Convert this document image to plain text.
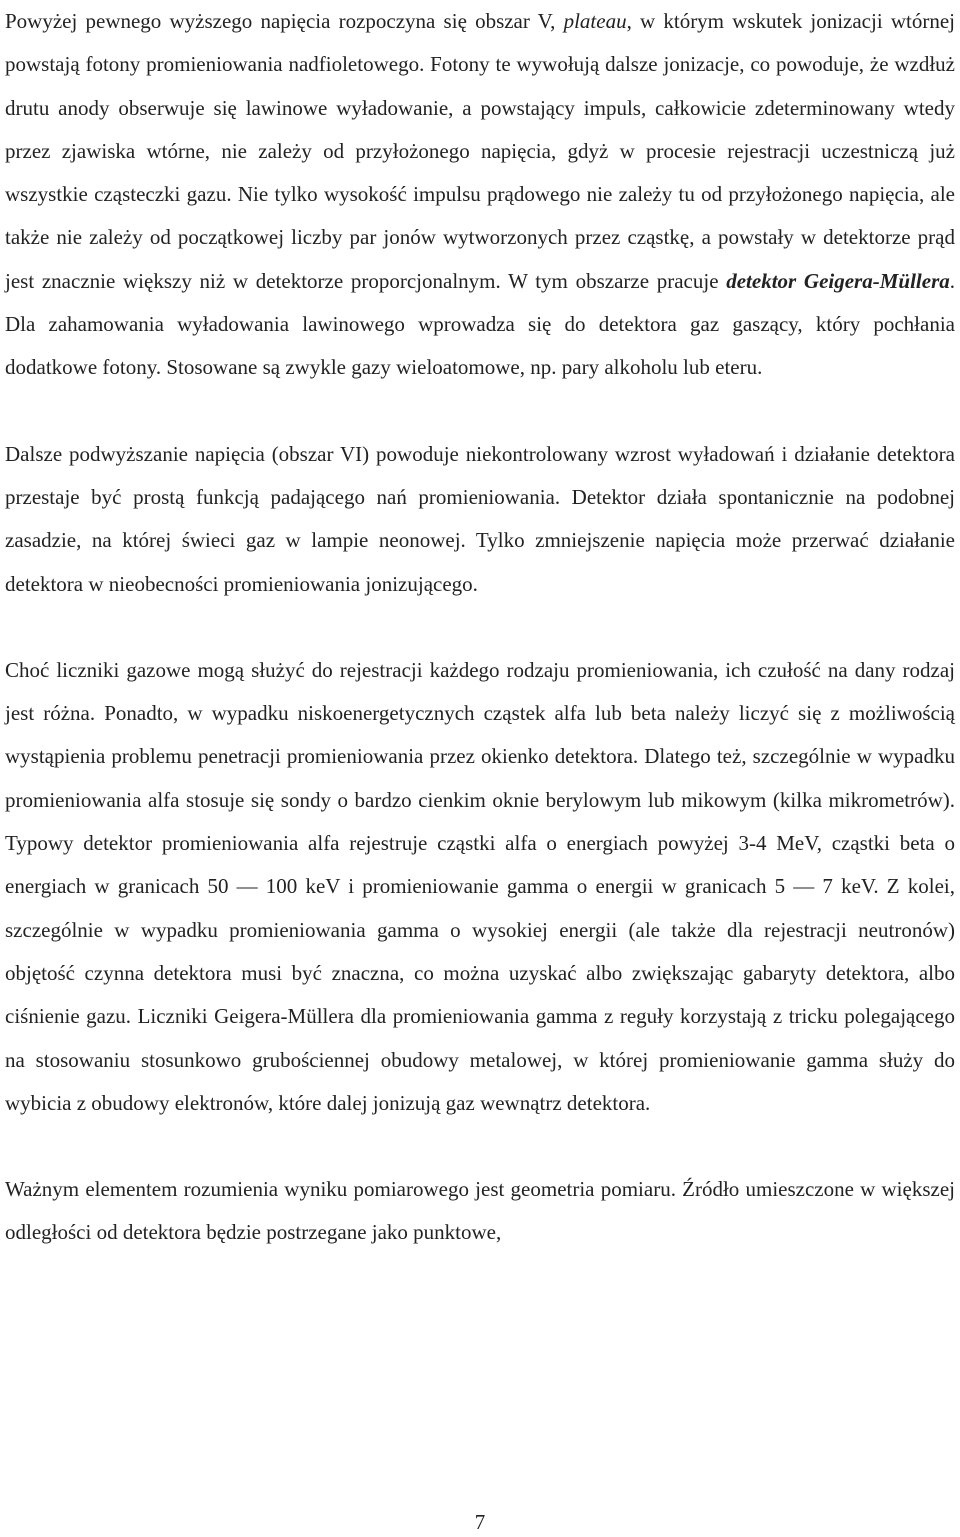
Powyżej pewnego wyższego napięcia rozpoczyna się obszar V, plateau, w którym wskutek jonizacji wtórnej powstają fotony promieniowania nadfioletowego. Fotony te wywołują dalsze jonizacje, co powoduje, że wzdłuż drutu anody obserwuje się lawinowe wyładowanie, a powstający impuls, całkowicie zdeterminowany wtedy przez zjawiska wtórne, nie zależy od przyłożonego napięcia, gdyż w procesie rejestracji uczestniczą już wszystkie cząsteczki gazu. Nie tylko wysokość impulsu prądowego nie zależy tu od przyłożonego napięcia, ale także nie zależy od początkowej liczby par jonów wytworzonych przez cząstkę, a powstały w detektorze prąd jest znacznie większy niż w detektorze proporcjonalnym. W tym obszarze pracuje detektor Geigera-Müllera. Dla zahamowania wyładowania lawinowego wprowadza się do detektora gaz gaszący, który pochłania dodatkowe fotony. Stosowane są zwykle gazy wieloatomowe, np. pary alkoholu lub eteru.

Dalsze podwyższanie napięcia (obszar VI) powoduje niekontrolowany wzrost wyładowań i działanie detektora przestaje być prostą funkcją padającego nań promieniowania. Detektor działa spontanicznie na podobnej zasadzie, na której świeci gaz w lampie neonowej. Tylko zmniejszenie napięcia może przerwać działanie detektora w nieobecności promieniowania jonizującego.

Choć liczniki gazowe mogą służyć do rejestracji każdego rodzaju promieniowania, ich czułość na dany rodzaj jest różna. Ponadto, w wypadku niskoenergetycznych cząstek alfa lub beta należy liczyć się z możliwością wystąpienia problemu penetracji promieniowania przez okienko detektora. Dlatego też, szczególnie w wypadku promieniowania alfa stosuje się sondy o bardzo cienkim oknie berylowym lub mikowym (kilka mikrometrów). Typowy detektor promieniowania alfa rejestruje cząstki alfa o energiach powyżej 3-4 MeV, cząstki beta o energiach w granicach 50 — 100 keV i promieniowanie gamma o energii w granicach 5 — 7 keV. Z kolei, szczególnie w wypadku promieniowania gamma o wysokiej energii (ale także dla rejestracji neutronów) objętość czynna detektora musi być znaczna, co można uzyskać albo zwiększając gabaryty detektora, albo ciśnienie gazu. Liczniki Geigera-Müllera dla promieniowania gamma z reguły korzystają z tricku polegającego na stosowaniu stosunkowo grubościennej obudowy metalowej, w której promieniowanie gamma służy do wybicia z obudowy elektronów, które dalej jonizują gaz wewnątrz detektora.

Ważnym elementem rozumienia wyniku pomiarowego jest geometria pomiaru. Źródło umieszczone w większej odległości od detektora będzie postrzegane jako punktowe,

7
